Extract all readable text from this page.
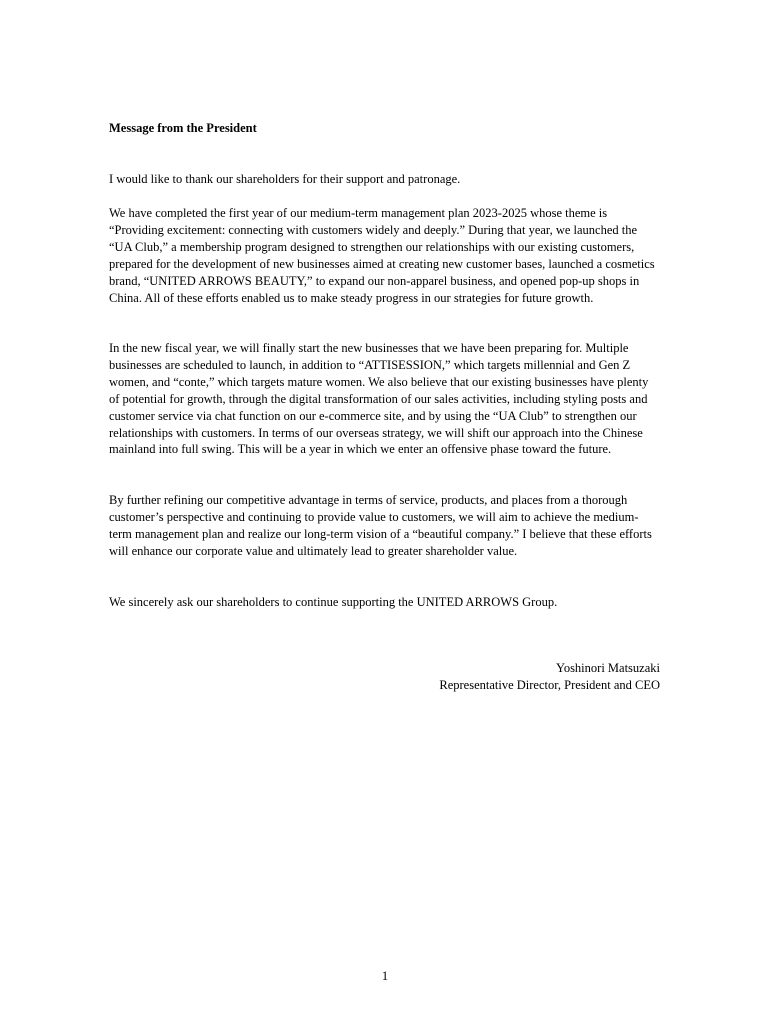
Message from the President

I would like to thank our shareholders for their support and patronage.

We have completed the first year of our medium-term management plan 2023-2025 whose theme is “Providing excitement: connecting with customers widely and deeply.” During that year, we launched the “UA Club,” a membership program designed to strengthen our relationships with our existing customers, prepared for the development of new businesses aimed at creating new customer bases, launched a cosmetics brand, “UNITED ARROWS BEAUTY,” to expand our non-apparel business, and opened pop-up shops in China. All of these efforts enabled us to make steady progress in our strategies for future growth.

In the new fiscal year, we will finally start the new businesses that we have been preparing for. Multiple businesses are scheduled to launch, in addition to “ATTISESSION,” which targets millennial and Gen Z women, and “conte,” which targets mature women. We also believe that our existing businesses have plenty of potential for growth, through the digital transformation of our sales activities, including styling posts and customer service via chat function on our e-commerce site, and by using the “UA Club” to strengthen our relationships with customers. In terms of our overseas strategy, we will shift our approach into the Chinese mainland into full swing. This will be a year in which we enter an offensive phase toward the future.

By further refining our competitive advantage in terms of service, products, and places from a thorough customer’s perspective and continuing to provide value to customers, we will aim to achieve the medium-term management plan and realize our long-term vision of a “beautiful company.” I believe that these efforts will enhance our corporate value and ultimately lead to greater shareholder value.

We sincerely ask our shareholders to continue supporting the UNITED ARROWS Group.

Yoshinori Matsuzaki
Representative Director, President and CEO
1
